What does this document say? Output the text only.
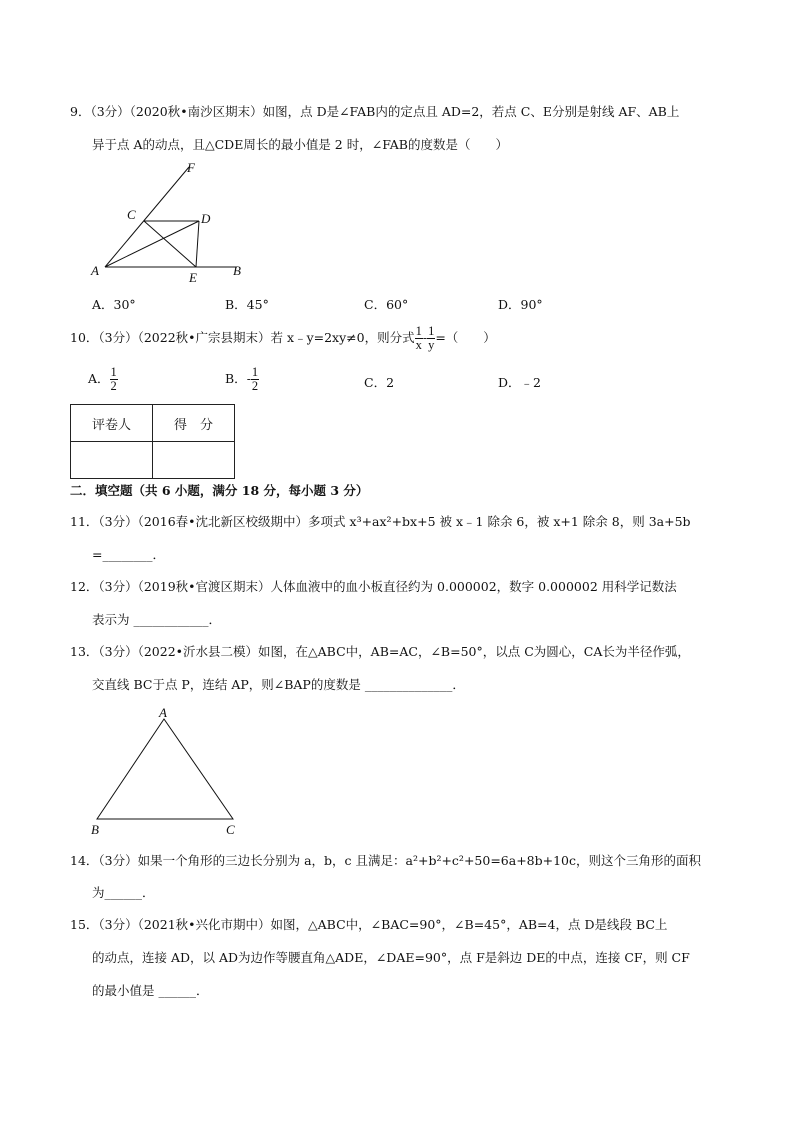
9．（3分）（2020秋•南沙区期末）如图，点 D是∠FAB内的定点且 AD=2，若点 C、E分别是射线 AF、AB上
异于点 A的动点，且△CDE周长的最小值是 2 时，∠FAB的度数是（　　）
F
C	D
A	E	B
A．30°	B．45°	C．60°	D．90°
10．（3分）（2022秋•广宗县期末）若 x﹣y=2xy≠0，则分式 $\frac{1}{x} - \frac{1}{y}$ =（　　）
A． $\frac{1}{2}$	B．- $\frac{1}{2}$	C．2	D．﹣2
评卷人	得　分

二．填空题（共 6 小题，满分 18 分，每小题 3 分）
11．（3分）（2016春•沈北新区校级期中）多项式 x³+ax²+bx+5 被 x﹣1 除余 6，被 x+1 除余 8，则 3a+5b
=________．
12．（3分）（2019秋•官渡区期末）人体血液中的血小板直径约为 0.000002，数字 0.000002 用科学记数法
表示为 ____________．
13．（3分）（2022•沂水县二模）如图，在△ABC中，AB=AC，∠B=50°，以点 C为圆心，CA长为半径作弧，
交直线 BC于点 P，连结 AP，则∠BAP的度数是 ______________．
A
B	C
14．（3分）如果一个角形的三边长分别为 a，b，c 且满足：a²+b²+c²+50=6a+8b+10c，则这个三角形的面积
为______．
15．（3分）（2021秋•兴化市期中）如图，△ABC中，∠BAC=90°，∠B=45°，AB=4，点 D是线段 BC上
的动点，连接 AD，以 AD为边作等腰直角△ADE，∠DAE=90°，点 F是斜边 DE的中点，连接 CF，则 CF
的最小值是 ______．
